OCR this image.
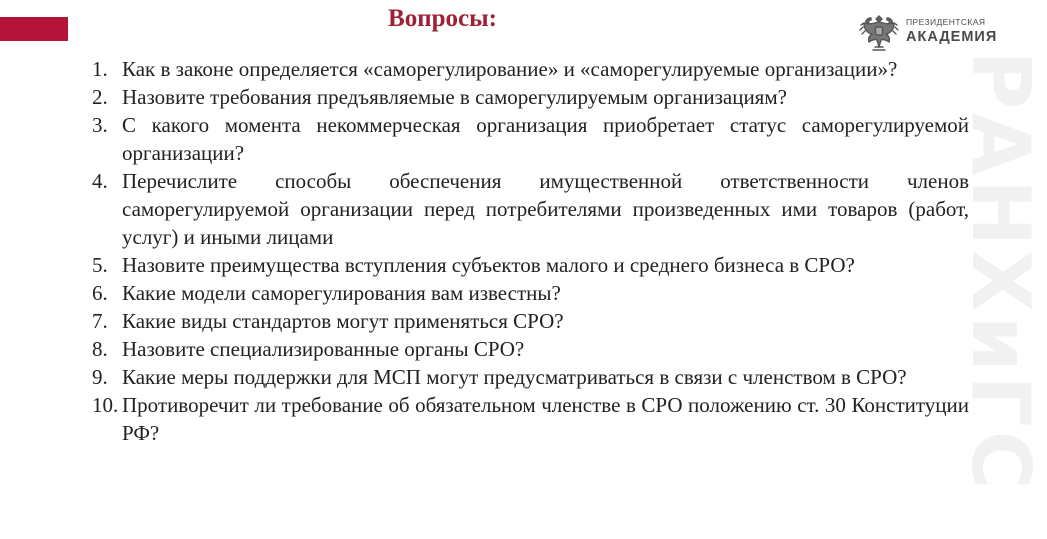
Вопросы:	ПРЕЗИДЕНТСКАЯ
АКАДЕМИЯ
РАНХиГС
1. Как в законе определяется «саморегулирование» и «саморегулируемые организации»?
2. Назовите требования предъявляемые в саморегулируемым организациям?
3. С какого момента некоммерческая организация приобретает статус саморегулируемой организации?
4. Перечислите способы обеспечения имущественной ответственности членов саморегулируемой организации перед потребителями произведенных ими товаров (работ, услуг) и иными лицами
5. Назовите преимущества вступления субъектов малого и среднего бизнеса в СРО?
6. Какие модели саморегулирования вам известны?
7. Какие виды стандартов могут применяться СРО?
8. Назовите специализированные органы СРО?
9. Какие меры поддержки для МСП могут предусматриваться в связи с членством в СРО?
10. Противоречит ли требование об обязательном членстве в СРО положению ст. 30 Конституции РФ?
